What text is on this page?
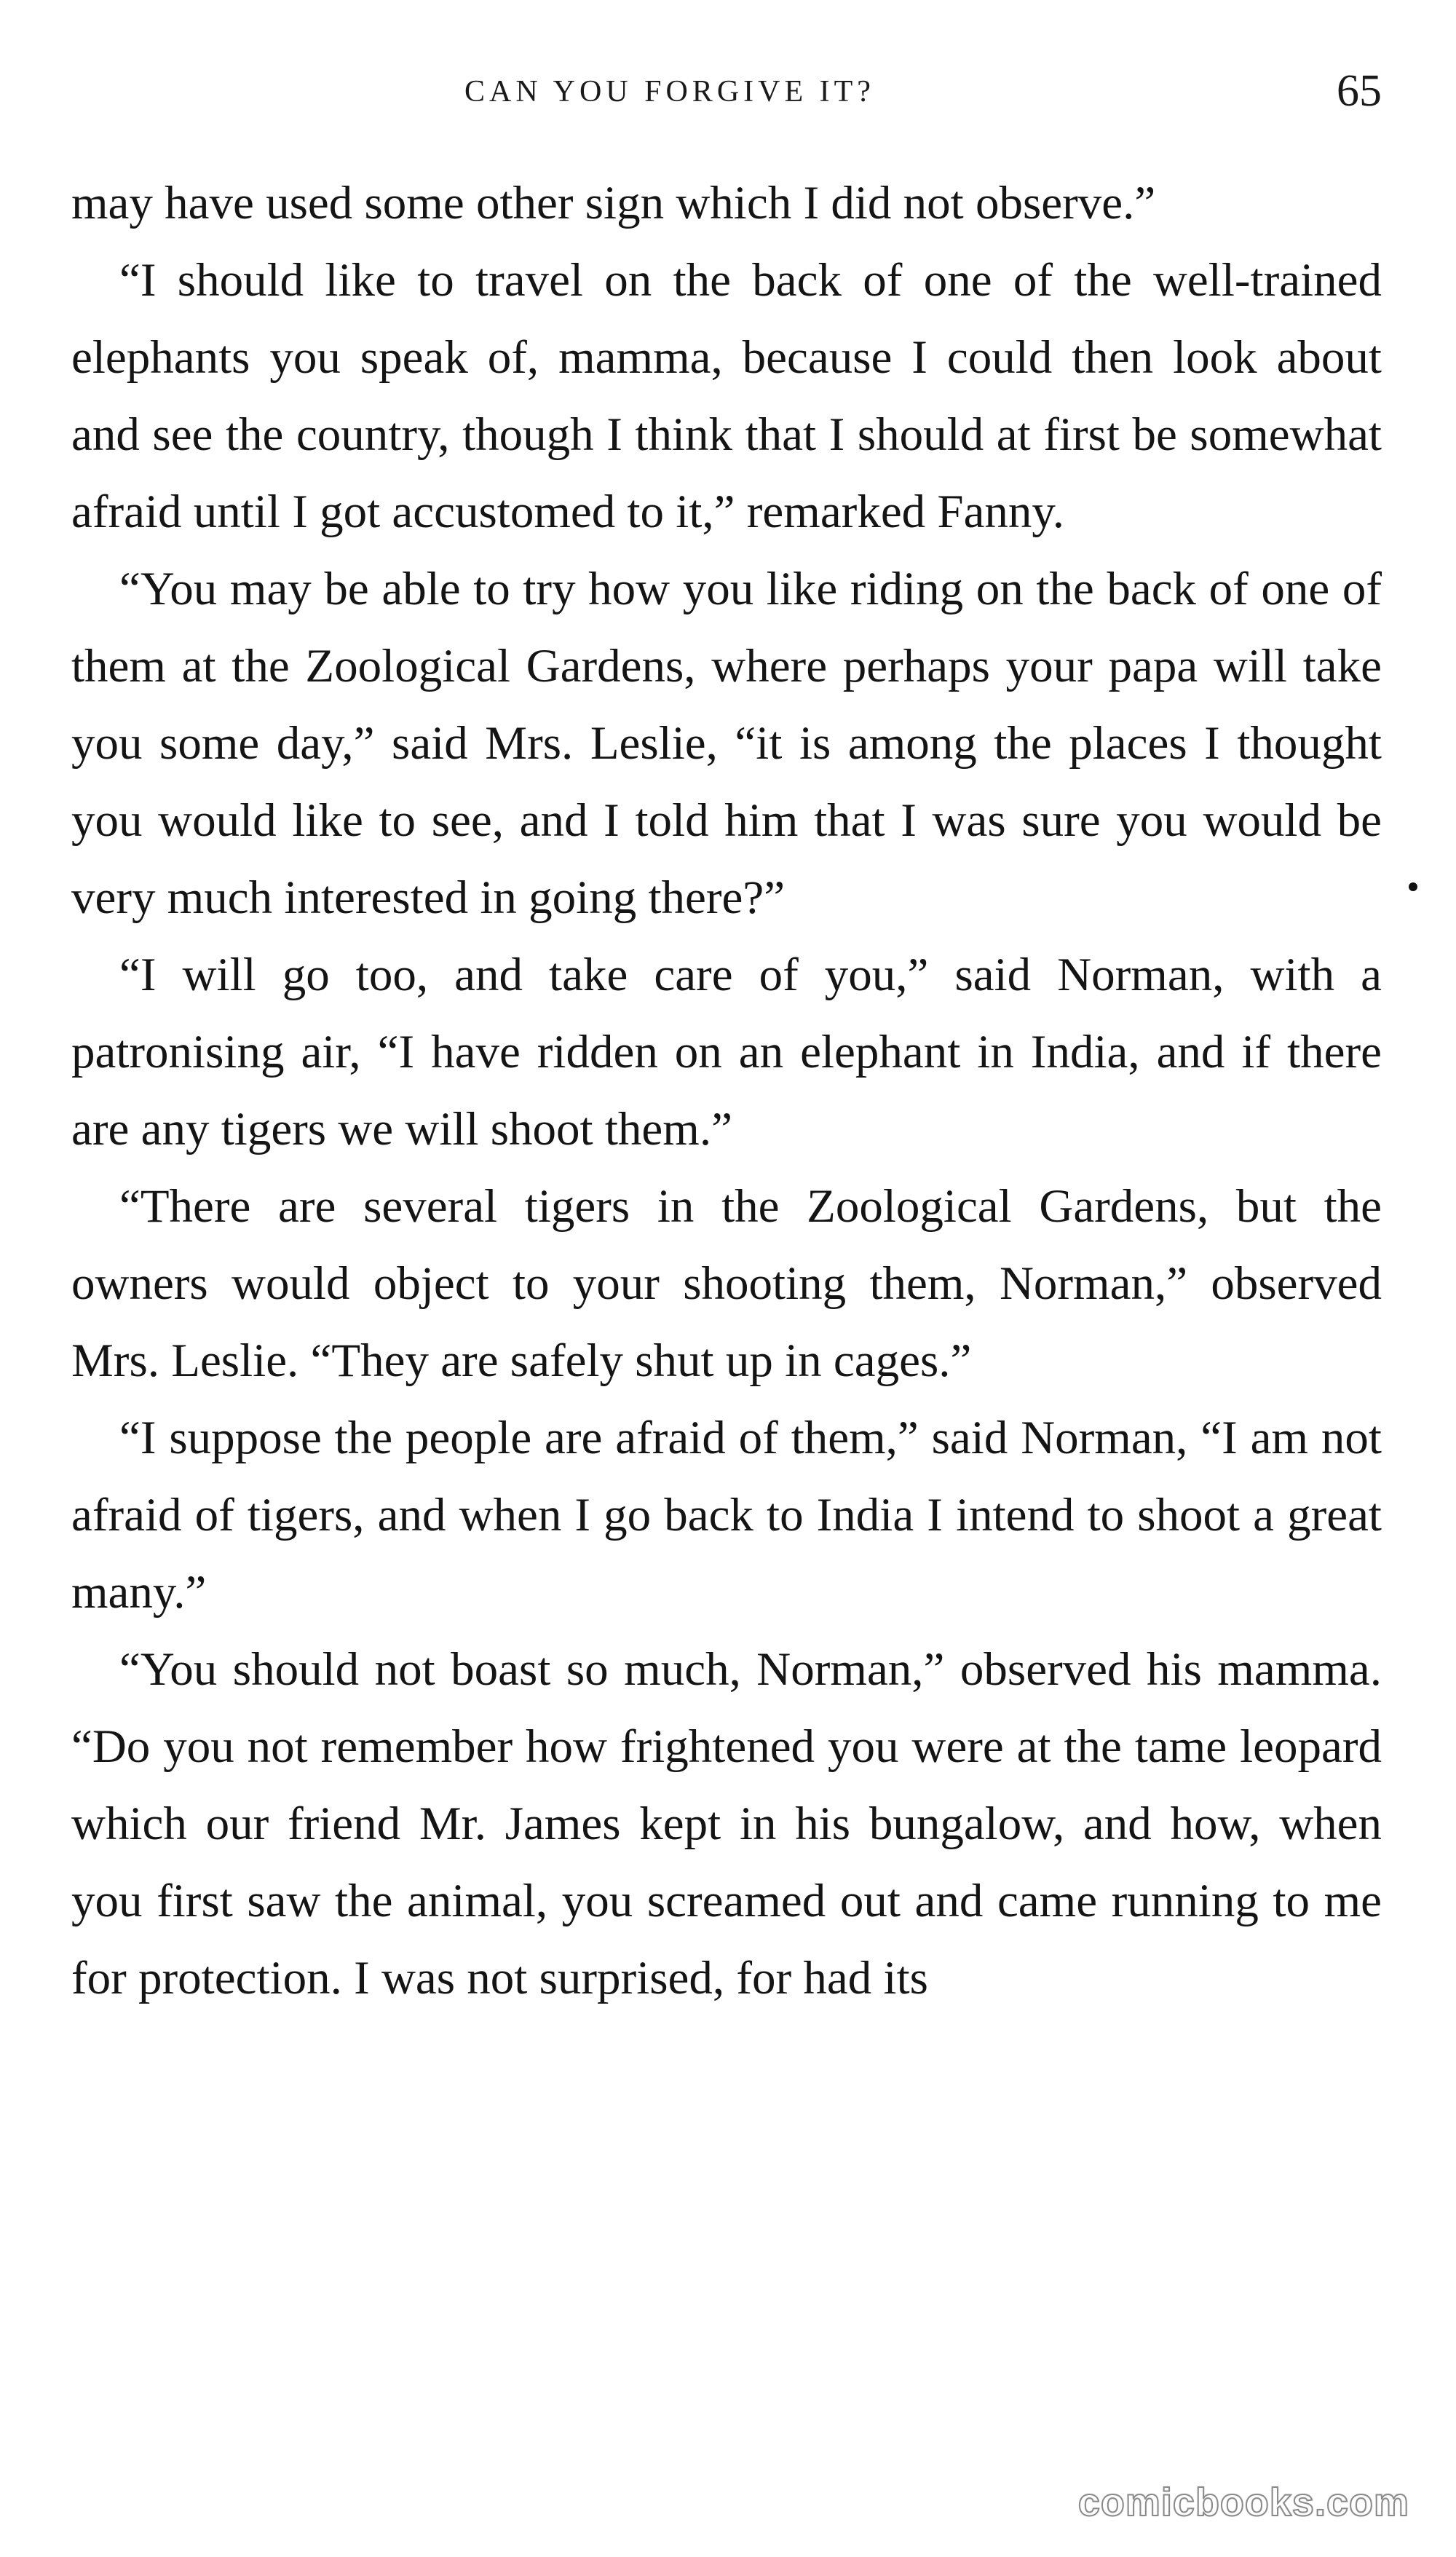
CAN YOU FORGIVE IT?	65

may have used some other sign which I did not observe.”

“I should like to travel on the back of one of the well-trained elephants you speak of, mamma, because I could then look about and see the country, though I think that I should at first be somewhat afraid until I got accustomed to it,” remarked Fanny.

“You may be able to try how you like riding on the back of one of them at the Zoological Gardens, where perhaps your papa will take you some day,” said Mrs. Leslie, “it is among the places I thought you would like to see, and I told him that I was sure you would be very much interested in going there?”

“I will go too, and take care of you,” said Norman, with a patronising air, “I have ridden on an elephant in India, and if there are any tigers we will shoot them.”

“There are several tigers in the Zoological Gardens, but the owners would object to your shooting them, Norman,” observed Mrs. Leslie. “They are safely shut up in cages.”

“I suppose the people are afraid of them,” said Norman, “I am not afraid of tigers, and when I go back to India I intend to shoot a great many.”

“You should not boast so much, Norman,” observed his mamma. “Do you not remember how frightened you were at the tame leopard which our friend Mr. James kept in his bungalow, and how, when you first saw the animal, you screamed out and came running to me for protection. I was not surprised, for had its

comicbooks.com
